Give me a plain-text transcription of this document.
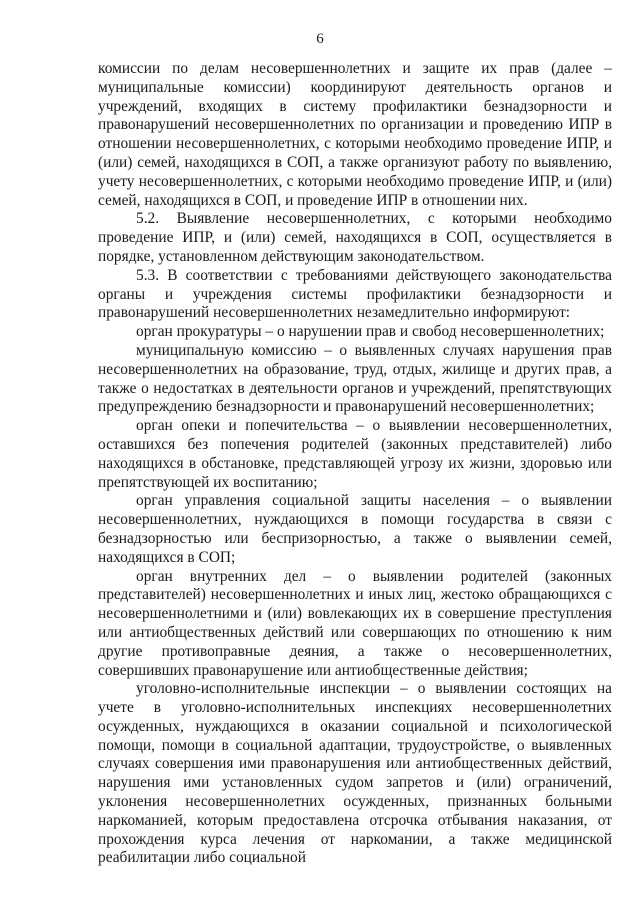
6

комиссии по делам несовершеннолетних и защите их прав (далее – муниципальные комиссии) координируют деятельность органов и учреждений, входящих в систему профилактики безнадзорности и правонарушений несовершеннолетних по организации и проведению ИПР в отношении несовершеннолетних, с которыми необходимо проведение ИПР, и (или) семей, находящихся в СОП, а также организуют работу по выявлению, учету несовершеннолетних, с которыми необходимо проведение ИПР, и (или) семей, находящихся в СОП, и проведение ИПР в отношении них.

5.2. Выявление несовершеннолетних, с которыми необходимо проведение ИПР, и (или) семей, находящихся в СОП, осуществляется в порядке, установленном действующим законодательством.

5.3. В соответствии с требованиями действующего законодательства органы и учреждения системы профилактики безнадзорности и правонарушений несовершеннолетних незамедлительно информируют:

орган прокуратуры – о нарушении прав и свобод несовершеннолетних;

муниципальную комиссию – о выявленных случаях нарушения прав несовершеннолетних на образование, труд, отдых, жилище и других прав, а также о недостатках в деятельности органов и учреждений, препятствующих предупреждению безнадзорности и правонарушений несовершеннолетних;

орган опеки и попечительства – о выявлении несовершеннолетних, оставшихся без попечения родителей (законных представителей) либо находящихся в обстановке, представляющей угрозу их жизни, здоровью или препятствующей их воспитанию;

орган управления социальной защиты населения – о выявлении несовершеннолетних, нуждающихся в помощи государства в связи с безнадзорностью или беспризорностью, а также о выявлении семей, находящихся в СОП;

орган внутренних дел – о выявлении родителей (законных представителей) несовершеннолетних и иных лиц, жестоко обращающихся с несовершеннолетними и (или) вовлекающих их в совершение преступления или антиобщественных действий или совершающих по отношению к ним другие противоправные деяния, а также о несовершеннолетних, совершивших правонарушение или антиобщественные действия;

уголовно-исполнительные инспекции – о выявлении состоящих на учете в уголовно-исполнительных инспекциях несовершеннолетних осужденных, нуждающихся в оказании социальной и психологической помощи, помощи в социальной адаптации, трудоустройстве, о выявленных случаях совершения ими правонарушения или антиобщественных действий, нарушения ими установленных судом запретов и (или) ограничений, уклонения несовершеннолетних осужденных, признанных больными наркоманией, которым предоставлена отсрочка отбывания наказания, от прохождения курса лечения от наркомании, а также медицинской реабилитации либо социальной
